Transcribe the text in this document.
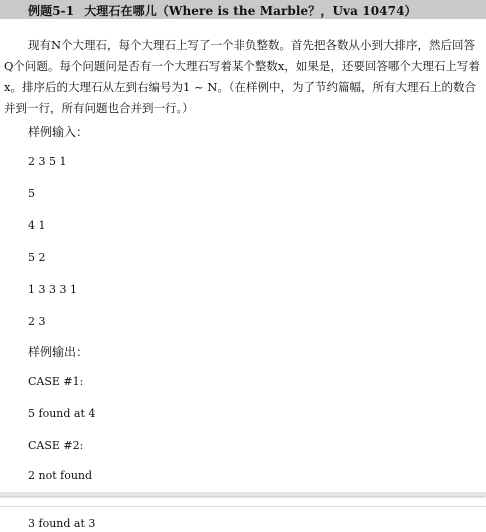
例题5-1 大理石在哪儿（Where is the Marble？，Uva 10474）

现有N个大理石，每个大理石上写了一个非负整数。首先把各数从小到大排序，然后回答Q个问题。每个问题问是否有一个大理石写着某个整数x，如果是，还要回答哪个大理石上写着x。排序后的大理石从左到右编号为1 ~ N。（在样例中，为了节约篇幅，所有大理石上的数合并到一行，所有问题也合并到一行。）

样例输入：
2 3 5 1
5
4 1
5 2
1 3 3 3 1
2 3
样例输出：
CASE #1:
5 found at 4
CASE #2:
2 not found
3 found at 3
